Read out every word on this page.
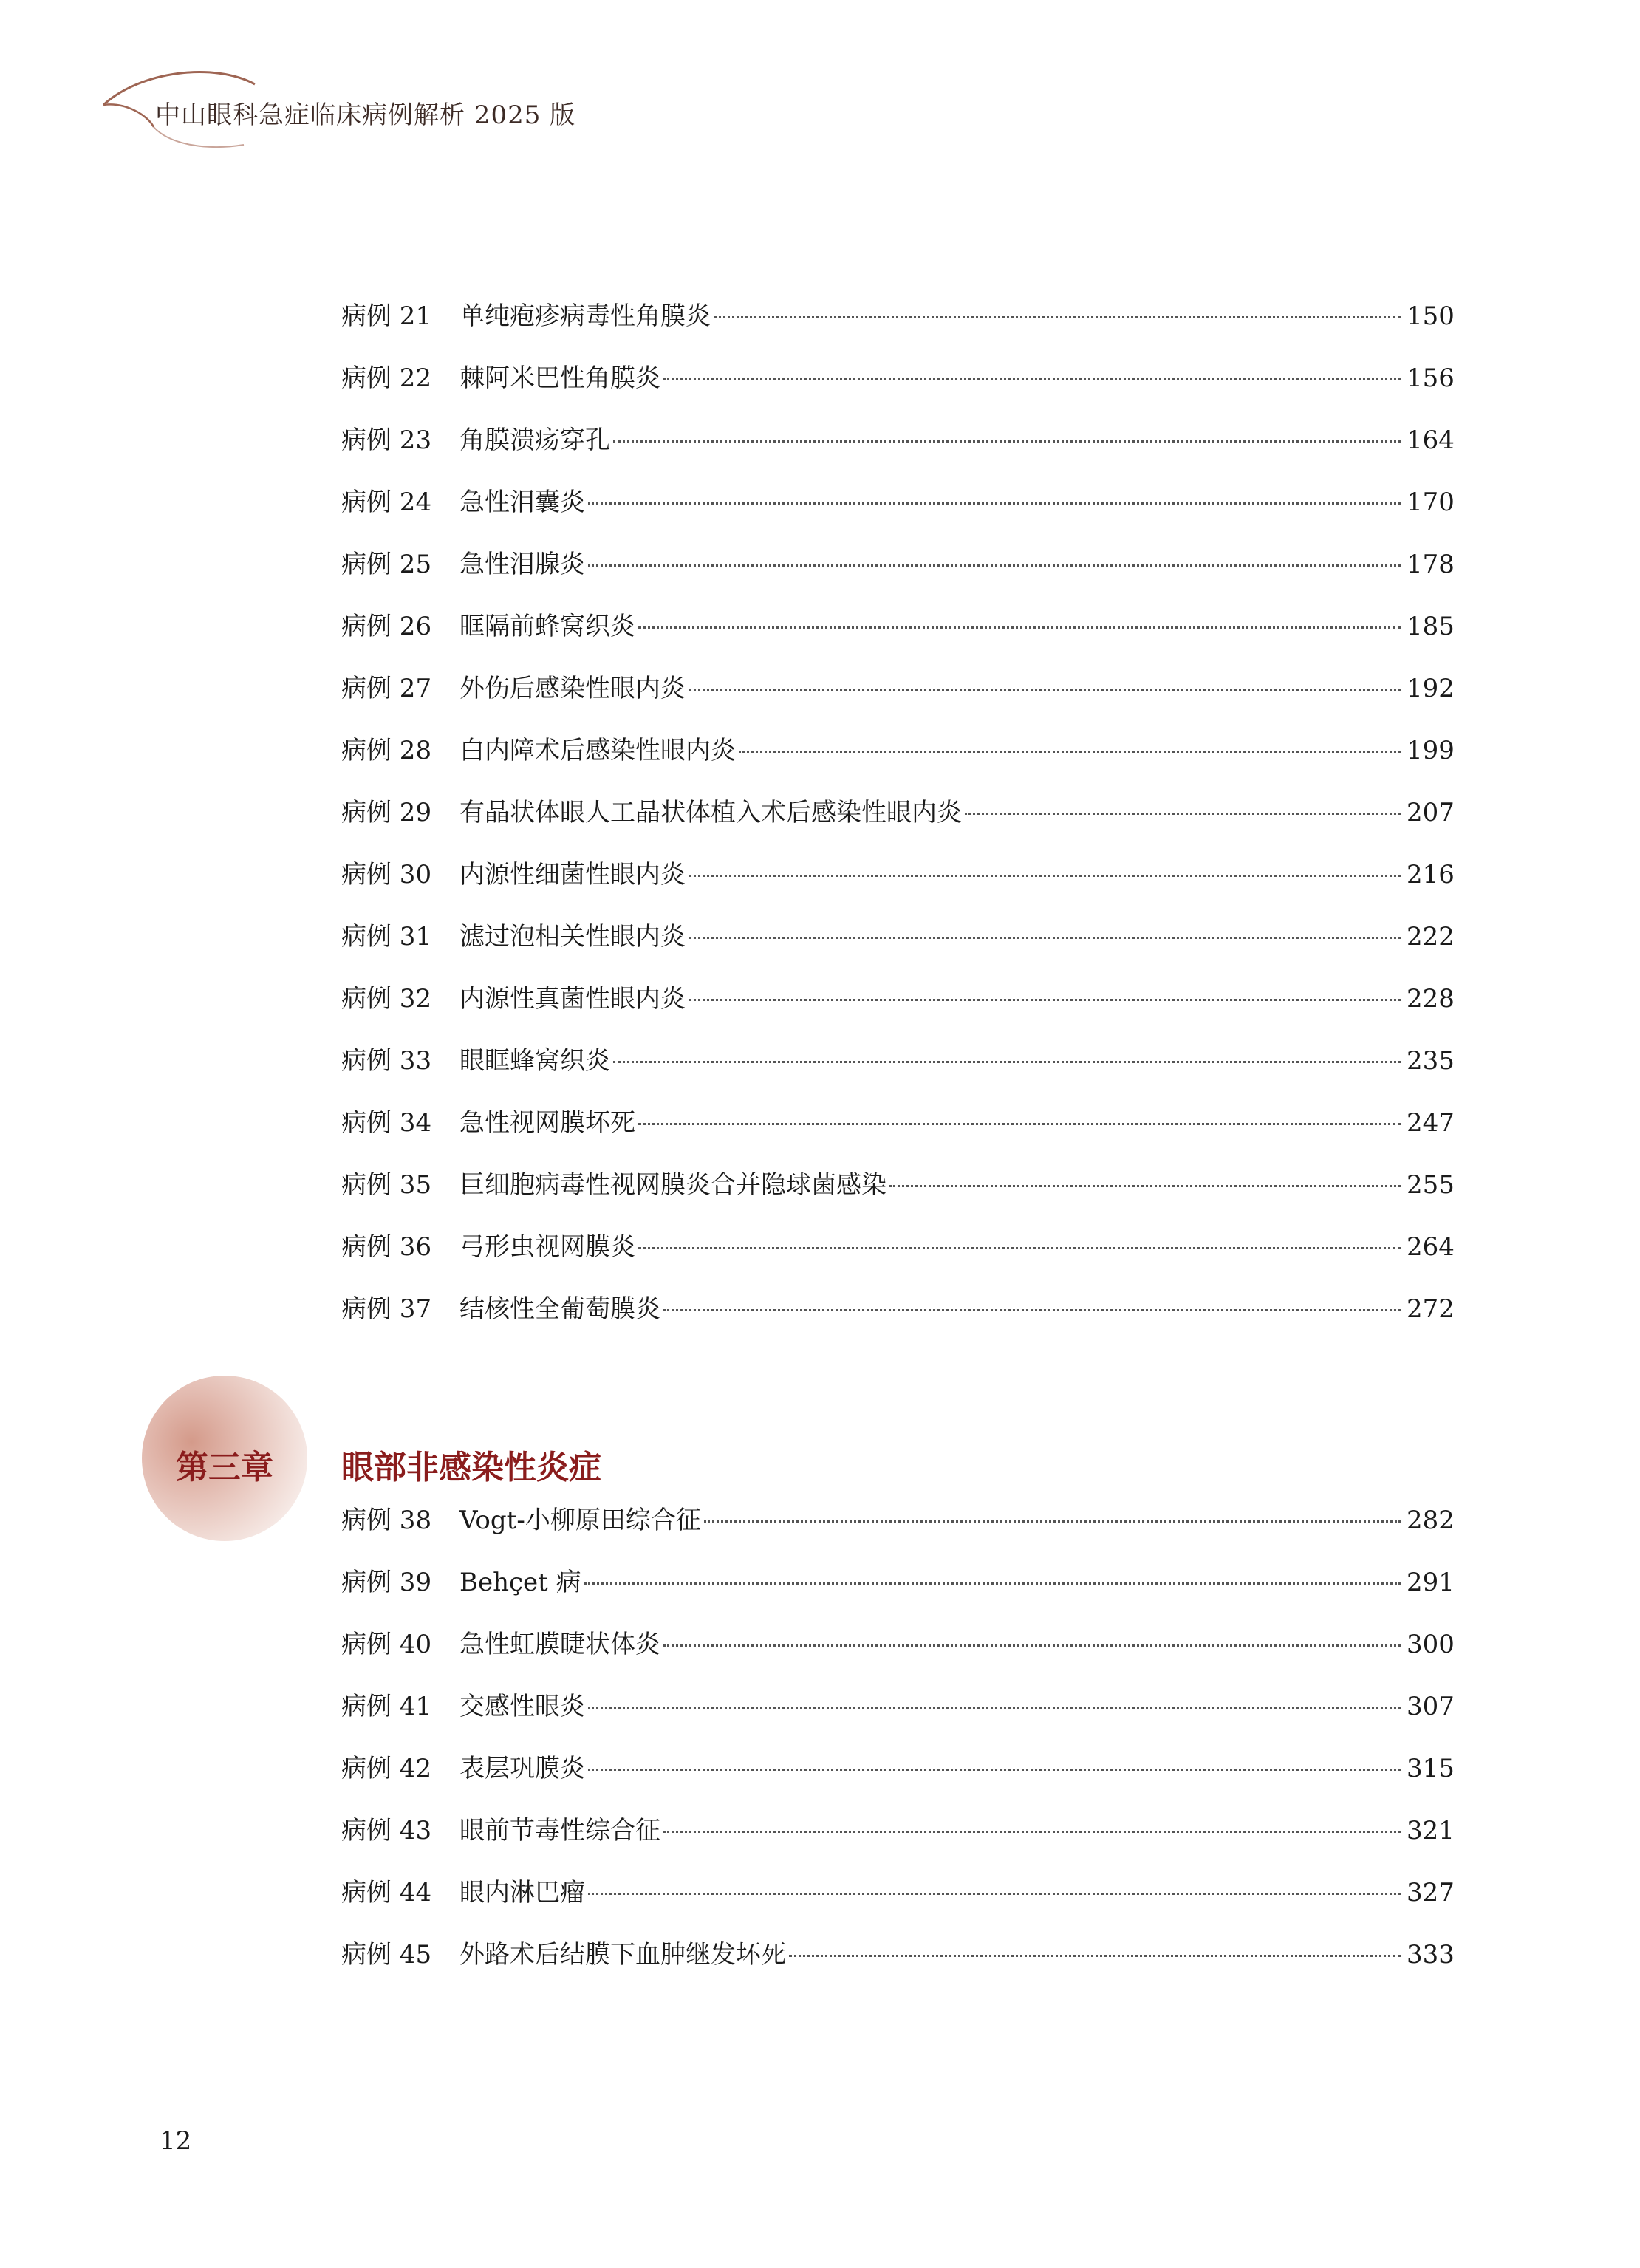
中山眼科急症临床病例解析 2025 版
病例 21	单纯疱疹病毒性角膜炎	150
病例 22	棘阿米巴性角膜炎	156
病例 23	角膜溃疡穿孔	164
病例 24	急性泪囊炎	170
病例 25	急性泪腺炎	178
病例 26	眶隔前蜂窝织炎	185
病例 27	外伤后感染性眼内炎	192
病例 28	白内障术后感染性眼内炎	199
病例 29	有晶状体眼人工晶状体植入术后感染性眼内炎	207
病例 30	内源性细菌性眼内炎	216
病例 31	滤过泡相关性眼内炎	222
病例 32	内源性真菌性眼内炎	228
病例 33	眼眶蜂窝织炎	235
病例 34	急性视网膜坏死	247
病例 35	巨细胞病毒性视网膜炎合并隐球菌感染	255
病例 36	弓形虫视网膜炎	264
病例 37	结核性全葡萄膜炎	272
第三章 眼部非感染性炎症
病例 38	Vogt-小柳原田综合征	282
病例 39	Behçet 病	291
病例 40	急性虹膜睫状体炎	300
病例 41	交感性眼炎	307
病例 42	表层巩膜炎	315
病例 43	眼前节毒性综合征	321
病例 44	眼内淋巴瘤	327
病例 45	外路术后结膜下血肿继发坏死	333
12
